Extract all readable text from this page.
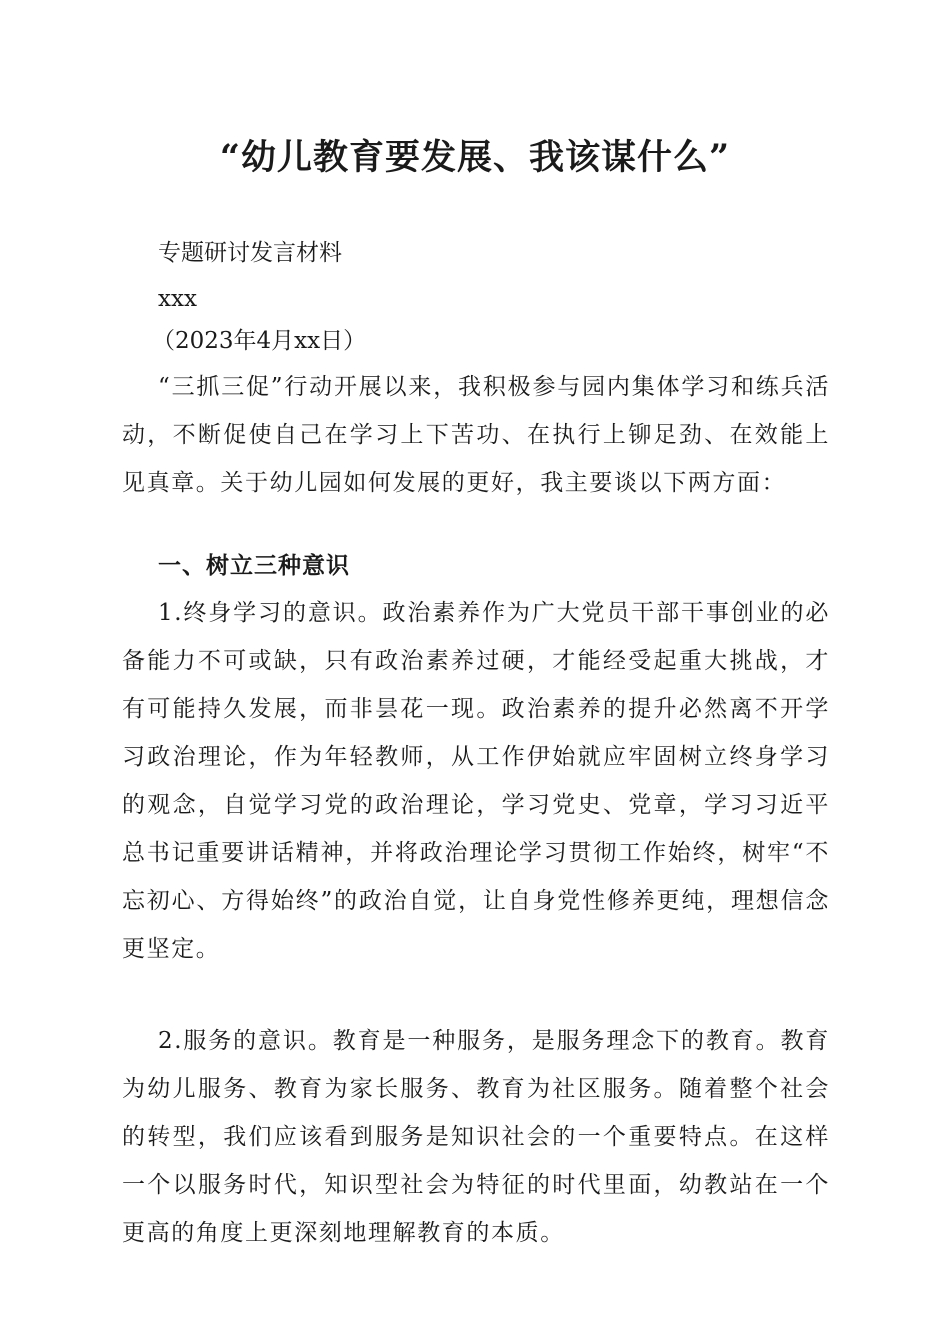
“幼儿教育要发展、我该谋什么”
专题研讨发言材料
xxx
（2023年4月xx日）

“三抓三促”行动开展以来，我积极参与园内集体学习和练兵活动，不断促使自己在学习上下苦功、在执行上铆足劲、在效能上见真章。关于幼儿园如何发展的更好，我主要谈以下两方面：

一、树立三种意识

1.终身学习的意识。政治素养作为广大党员干部干事创业的必备能力不可或缺，只有政治素养过硬，才能经受起重大挑战，才有可能持久发展，而非昙花一现。政治素养的提升必然离不开学习政治理论，作为年轻教师，从工作伊始就应牢固树立终身学习的观念，自觉学习党的政治理论，学习党史、党章，学习习近平总书记重要讲话精神，并将政治理论学习贯彻工作始终，树牢“不忘初心、方得始终”的政治自觉，让自身党性修养更纯，理想信念更坚定。

2.服务的意识。教育是一种服务，是服务理念下的教育。教育为幼儿服务、教育为家长服务、教育为社区服务。随着整个社会的转型，我们应该看到服务是知识社会的一个重要特点。在这样一个以服务时代，知识型社会为特征的时代里面，幼教站在一个更高的角度上更深刻地理解教育的本质。
